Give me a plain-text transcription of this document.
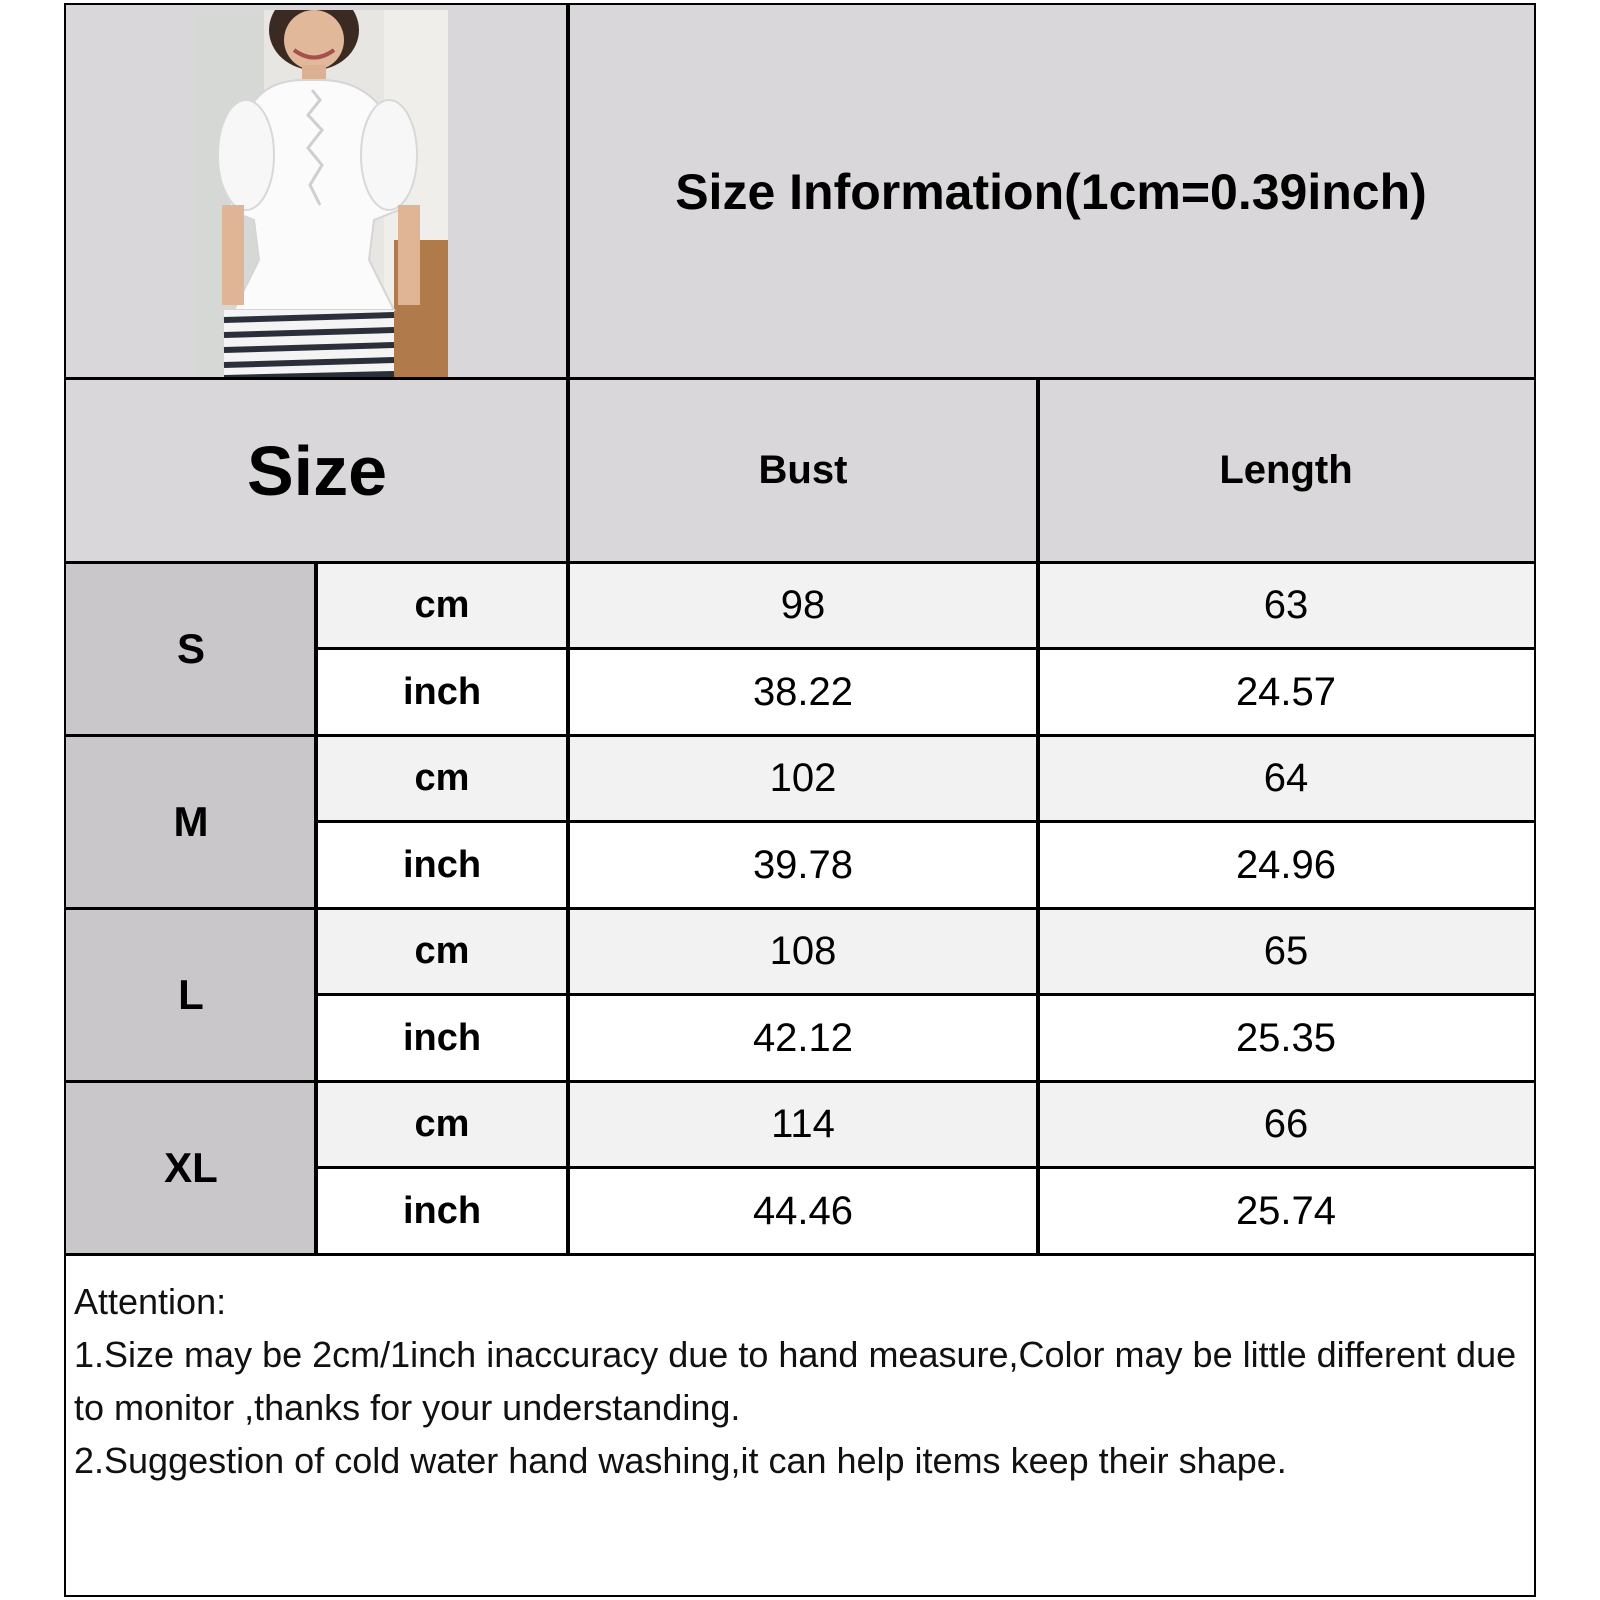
Size Information(1cm=0.39inch)
Size	Bust	Length
S
cm	98	63
inch	38.22	24.57
M
cm	102	64
inch	39.78	24.96
L
cm	108	65
inch	42.12	25.35
XL
cm	114	66
inch	44.46	25.74
Attention:
1.Size may be 2cm/1inch inaccuracy due to hand measure,Color may be little different due to monitor ,thanks for your understanding.
2.Suggestion of cold water hand washing,it can help items keep their shape.
